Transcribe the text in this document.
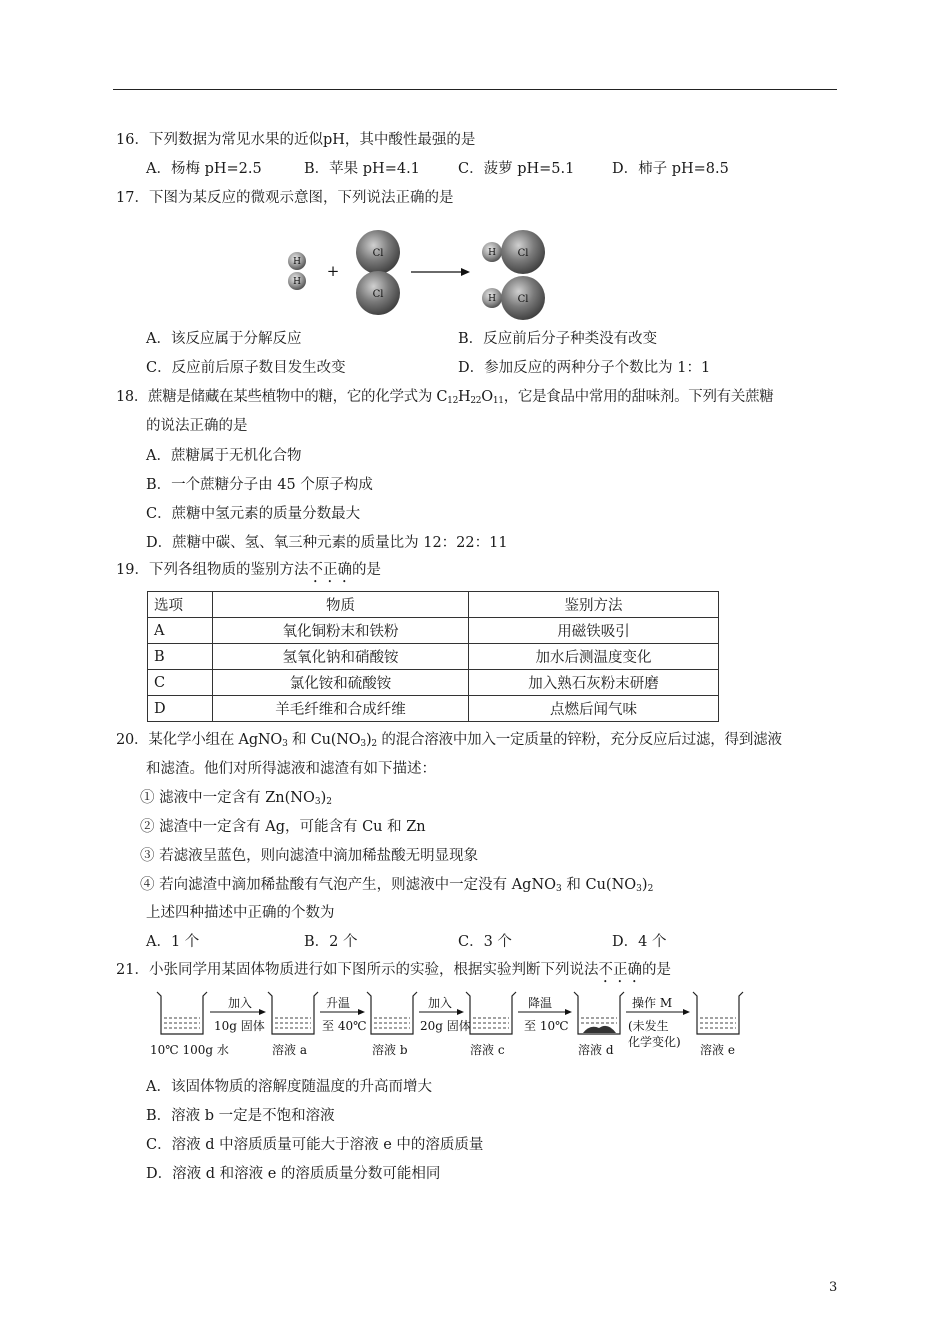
16．下列数据为常见水果的近似pH，其中酸性最强的是
A．杨梅 pH=2.5	B．苹果 pH=4.1	C．菠萝 pH=5.1	D．柿子 pH=8.5
17．下图为某反应的微观示意图，下列说法正确的是
H
H
+
Cl
Cl
H Cl
H Cl
A．该反应属于分解反应	B．反应前后分子种类没有改变
C．反应前后原子数目发生改变	D．参加反应的两种分子个数比为 1：1
18．蔗糖是储藏在某些植物中的糖，它的化学式为 $C_{12}H_{22}O_{11}$，它是食品中常用的甜味剂。下列有关蔗糖
的说法正确的是
A．蔗糖属于无机化合物
B．一个蔗糖分子由 45 个原子构成
C．蔗糖中氢元素的质量分数最大
D．蔗糖中碳、氢、氧三种元素的质量比为 12：22：11
19．下列各组物质的鉴别方法不正确的是
选项	物质	鉴别方法
A	氧化铜粉末和铁粉	用磁铁吸引
B	氢氧化钠和硝酸铵	加水后测温度变化
C	氯化铵和硫酸铵	加入熟石灰粉末研磨
D	羊毛纤维和合成纤维	点燃后闻气味
20．某化学小组在 AgNO$_3$ 和 $Cu(NO_3)_2$ 的混合溶液中加入一定质量的锌粉，充分反应后过滤，得到滤液
和滤渣。他们对所得滤液和滤渣有如下描述：
① 滤液中一定含有 $Zn(NO_3)_2$
② 滤渣中一定含有 Ag，可能含有 Cu 和 Zn
③ 若滤液呈蓝色，则向滤渣中滴加稀盐酸无明显现象
④ 若向滤渣中滴加稀盐酸有气泡产生，则滤液中一定没有 AgNO$_3$ 和 $Cu(NO_3)_2$
上述四种描述中正确的个数为
A．1 个	B．2 个	C．3 个	D．4 个
21．小张同学用某固体物质进行如下图所示的实验，根据实验判断下列说法不正确的是
10℃ 100g 水
加入
10g 固体
溶液 a
升温
至 40℃
溶液 b
加入
20g 固体
溶液 c
降温
至 10℃
溶液 d
操作 M
(未发生
化学变化)
溶液 e
A．该固体物质的溶解度随温度的升高而增大
B．溶液 b 一定是不饱和溶液
C．溶液 d 中溶质质量可能大于溶液 e 中的溶质质量
D．溶液 d 和溶液 e 的溶质质量分数可能相同
3
